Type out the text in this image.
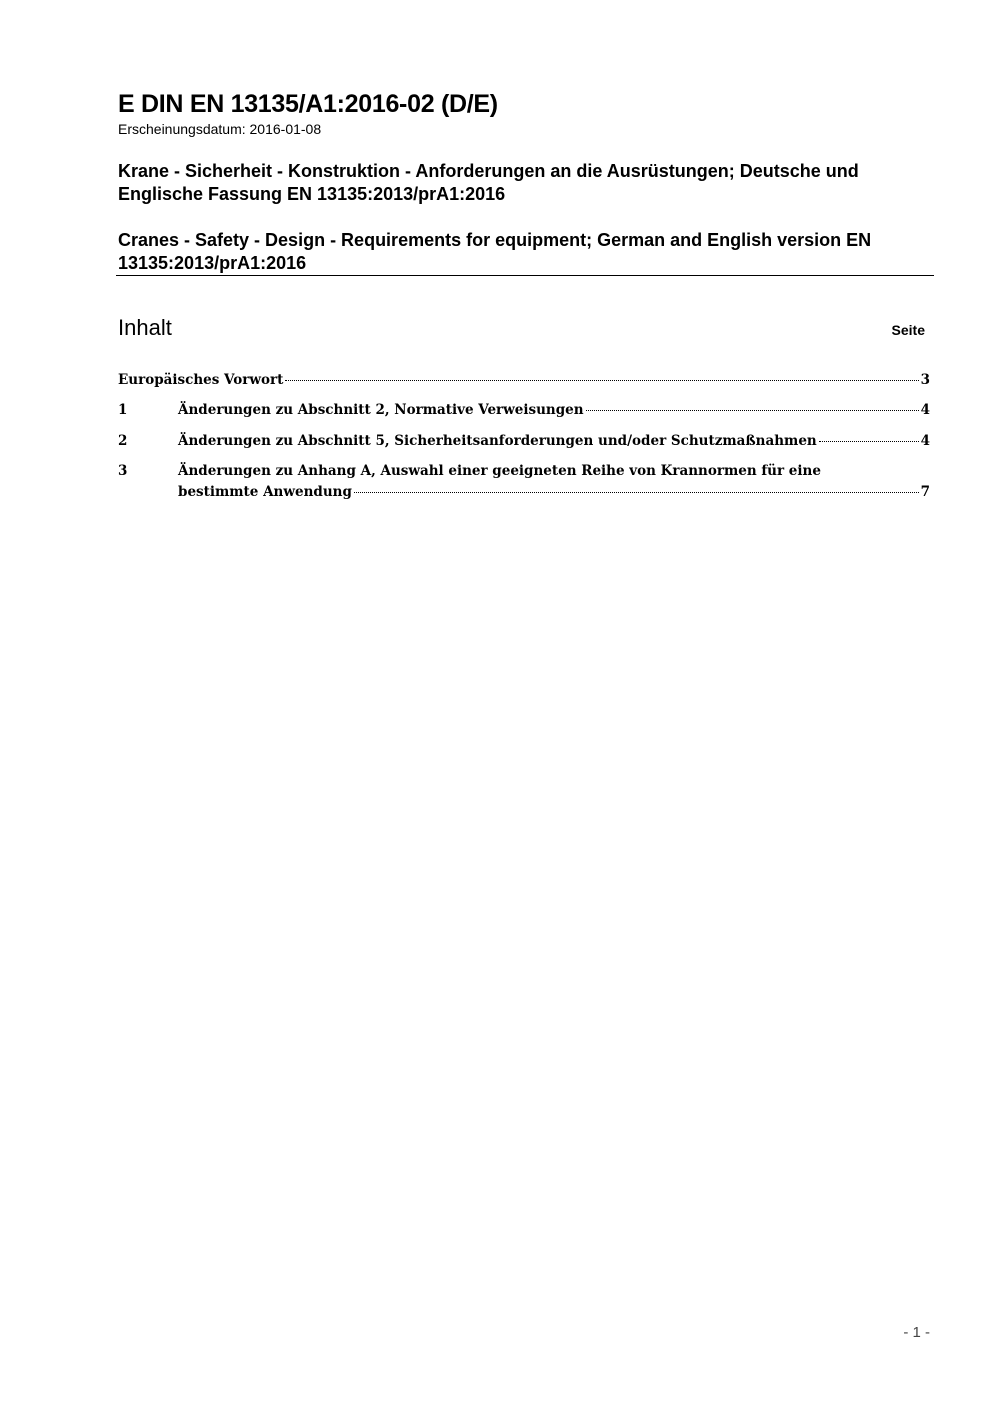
E DIN EN 13135/A1:2016-02 (D/E)
Erscheinungsdatum: 2016-01-08
Krane - Sicherheit - Konstruktion - Anforderungen an die Ausrüstungen; Deutsche und Englische Fassung EN 13135:2013/prA1:2016
Cranes - Safety - Design - Requirements for equipment; German and English version EN 13135:2013/prA1:2016
Inhalt	Seite
Europäisches Vorwort	3
1	Änderungen zu Abschnitt 2, Normative Verweisungen	4
2	Änderungen zu Abschnitt 5, Sicherheitsanforderungen und/oder Schutzmaßnahmen	4
3	Änderungen zu Anhang A, Auswahl einer geeigneten Reihe von Krannormen für eine
bestimmte Anwendung	7
- 1 -
